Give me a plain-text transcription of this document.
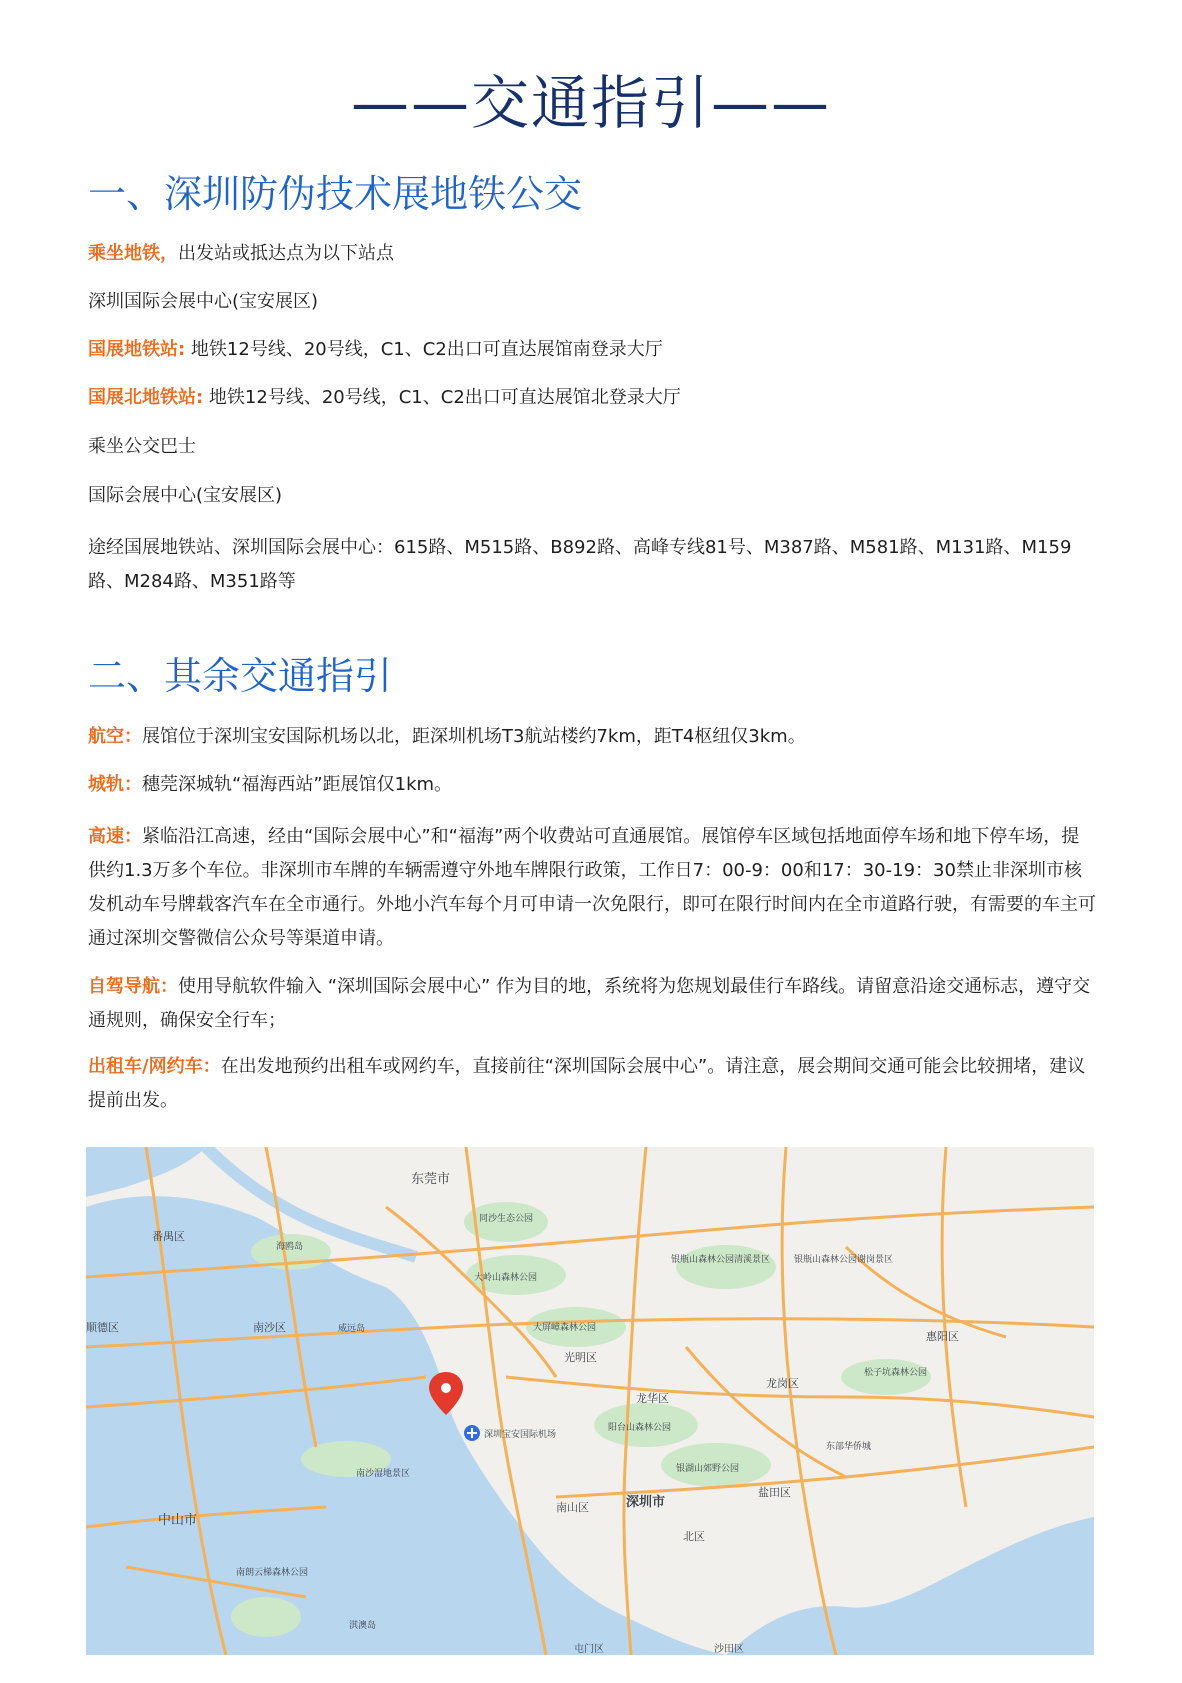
——交通指引——
一、深圳防伪技术展地铁公交
乘坐地铁，出发站或抵达点为以下站点
深圳国际会展中心(宝安展区)
国展地铁站: 地铁12号线、20号线，C1、C2出口可直达展馆南登录大厅
国展北地铁站: 地铁12号线、20号线，C1、C2出口可直达展馆北登录大厅
乘坐公交巴士
国际会展中心(宝安展区)
途经国展地铁站、深圳国际会展中心：615路、M515路、B892路、高峰专线81号、M387路、M581路、M131路、M159路、M284路、M351路等
二、其余交通指引
航空：展馆位于深圳宝安国际机场以北，距深圳机场T3航站楼约7km，距T4枢纽仅3km。
城轨：穗莞深城轨“福海西站”距展馆仅1km。
高速：紧临沿江高速，经由“国际会展中心”和“福海”两个收费站可直通展馆。展馆停车区域包括地面停车场和地下停车场，提供约1.3万多个车位。非深圳市车牌的车辆需遵守外地车牌限行政策，工作日7：00-9：00和17：30-19：30禁止非深圳市核发机动车号牌载客汽车在全市通行。外地小汽车每个月可申请一次免限行，即可在限行时间内在全市道路行驶，有需要的车主可通过深圳交警微信公众号等渠道申请。
自驾导航：使用导航软件输入 “深圳国际会展中心” 作为目的地，系统将为您规划最佳行车路线。请留意沿途交通标志，遵守交通规则，确保安全行车；
出租车/网约车：在出发地预约出租车或网约车，直接前往“深圳国际会展中心”。请注意，展会期间交通可能会比较拥堵，建议提前出发。
东莞市
同沙生态公园
番禺区
海鸥岛
大岭山森林公园
银瓶山森林公园清溪景区	银瓶山森林公园谢岗景区
顺德区	南沙区	威远岛	大屏嶂森林公园
惠阳区
光明区
龙岗区
松子坑森林公园
龙华区
深圳宝安国际机场
阳台山森林公园
东部华侨城
南沙湿地景区	银湖山郊野公园
盐田区
南山区	深圳市
中山市
北区
南朗云梯森林公园
淇澳岛
屯门区	沙田区
